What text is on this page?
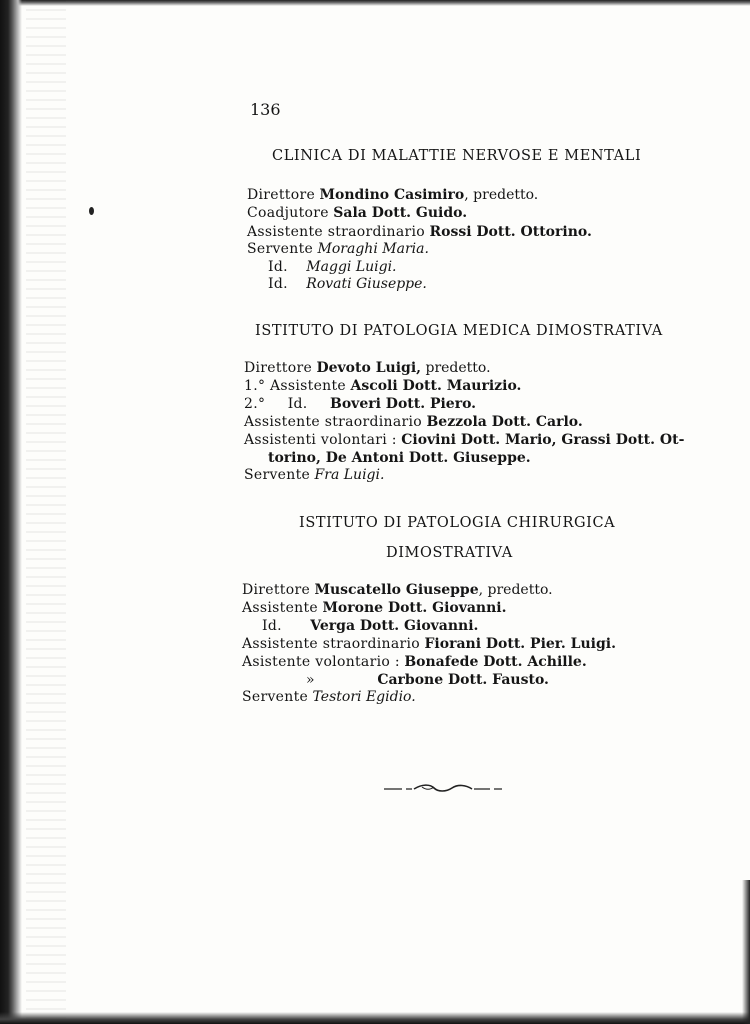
136
CLINICA DI MALATTIE NERVOSE E MENTALI
Direttore Mondino Casimiro, predetto.
Coadjutore Sala Dott. Guido.
Assistente straordinario Rossi Dott. Ottorino.
Servente Moraghi Maria.
Id. Maggi Luigi.
Id. Rovati Giuseppe.
ISTITUTO DI PATOLOGIA MEDICA DIMOSTRATIVA
Direttore Devoto Luigi, predetto.
1.° Assistente Ascoli Dott. Maurizio.
2.° Id. Boveri Dott. Piero.
Assistente straordinario Bezzola Dott. Carlo.
Assistenti volontari : Ciovini Dott. Mario, Grassi Dott. Ot-
torino, De Antoni Dott. Giuseppe.
Servente Fra Luigi.
ISTITUTO DI PATOLOGIA CHIRURGICA
DIMOSTRATIVA
Direttore Muscatello Giuseppe, predetto.
Assistente Morone Dott. Giovanni.
Id. Verga Dott. Giovanni.
Assistente straordinario Fiorani Dott. Pier. Luigi.
Asistente volontario : Bonafede Dott. Achille.
»	Carbone Dott. Fausto.
Servente Testori Egidio.
